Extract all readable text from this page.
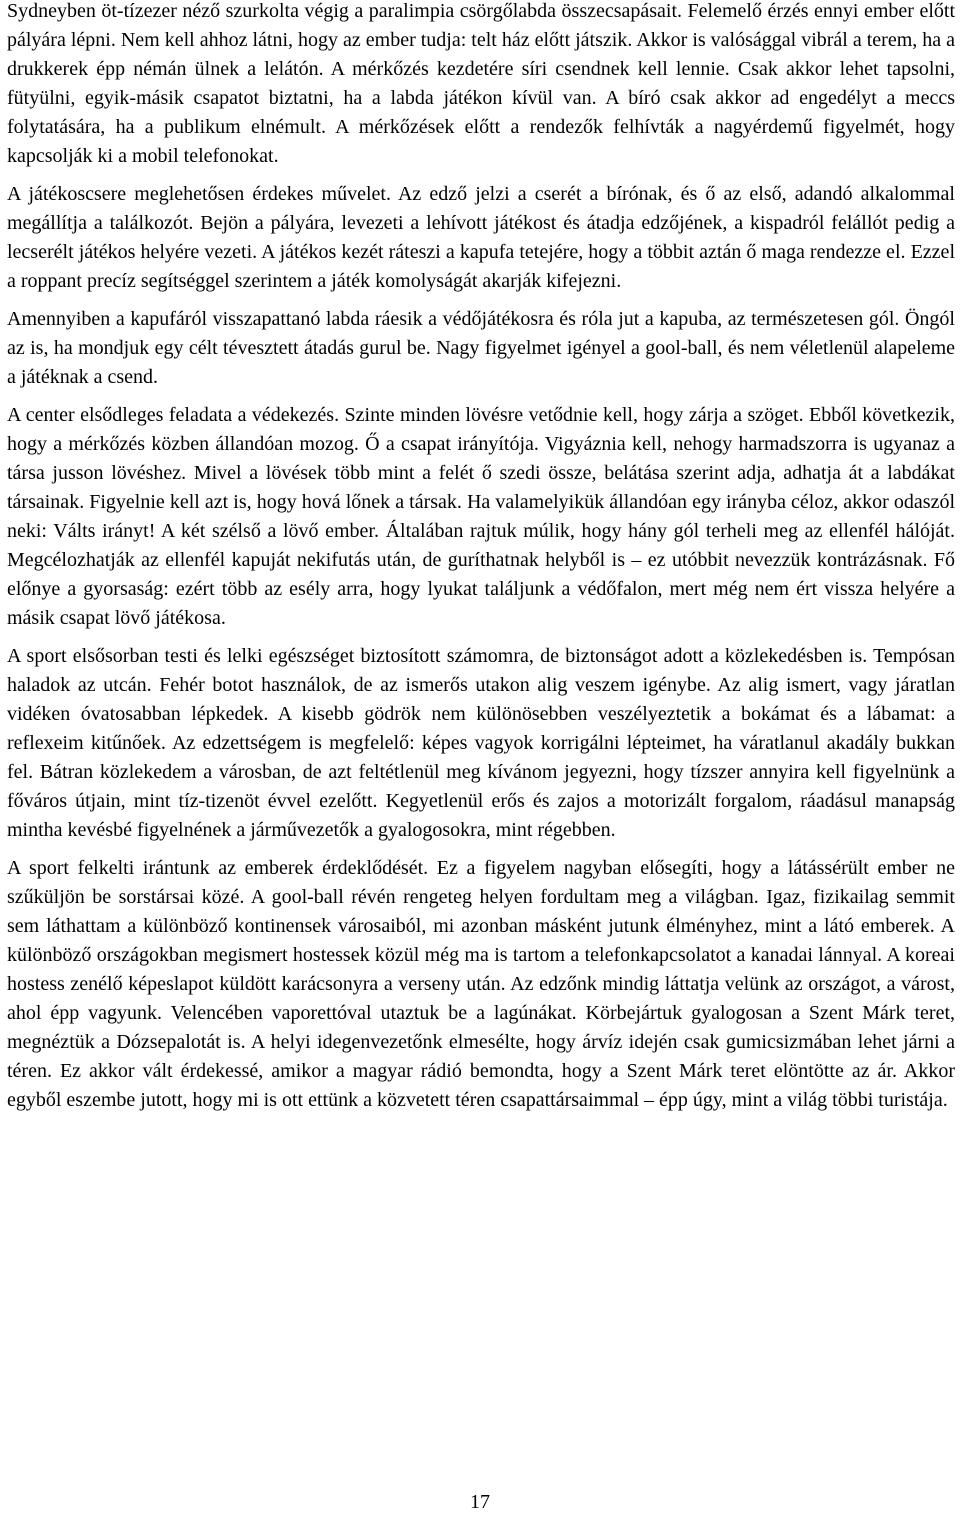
Sydneyben öt-tízezer néző szurkolta végig a paralimpia csörgőlabda összecsapásait. Felemelő érzés ennyi ember előtt pályára lépni. Nem kell ahhoz látni, hogy az ember tudja: telt ház előtt játszik. Akkor is valósággal vibrál a terem, ha a drukkerek épp némán ülnek a lelátón. A mérkőzés kezdetére síri csendnek kell lennie. Csak akkor lehet tapsolni, fütyülni, egyik-másik csapatot biztatni, ha a labda játékon kívül van. A bíró csak akkor ad engedélyt a meccs folytatására, ha a publikum elnémult. A mérkőzések előtt a rendezők felhívták a nagyérdemű figyelmét, hogy kapcsolják ki a mobil telefonokat.

A játékoscsere meglehetősen érdekes művelet. Az edző jelzi a cserét a bírónak, és ő az első, adandó alkalommal megállítja a találkozót. Bejön a pályára, levezeti a lehívott játékost és átadja edzőjének, a kispadról felállót pedig a lecserélt játékos helyére vezeti. A játékos kezét ráteszi a kapufa tetejére, hogy a többit aztán ő maga rendezze el. Ezzel a roppant precíz segítséggel szerintem a játék komolyságát akarják kifejezni.

Amennyiben a kapufáról visszapattanó labda ráesik a védőjátékosra és róla jut a kapuba, az természetesen gól. Öngól az is, ha mondjuk egy célt tévesztett átadás gurul be. Nagy figyelmet igényel a gool-ball, és nem véletlenül alapeleme a játéknak a csend.

A center elsődleges feladata a védekezés. Szinte minden lövésre vetődnie kell, hogy zárja a szöget. Ebből következik, hogy a mérkőzés közben állandóan mozog. Ő a csapat irányítója. Vigyáznia kell, nehogy harmadszorra is ugyanaz a társa jusson lövéshez. Mivel a lövések több mint a felét ő szedi össze, belátása szerint adja, adhatja át a labdákat társainak. Figyelnie kell azt is, hogy hová lőnek a társak. Ha valamelyikük állandóan egy irányba céloz, akkor odaszól neki: Válts irányt! A két szélső a lövő ember. Általában rajtuk múlik, hogy hány gól terheli meg az ellenfél hálóját. Megcélozhatják az ellenfél kapuját nekifutás után, de guríthatnak helyből is – ez utóbbit nevezzük kontrázásnak. Fő előnye a gyorsaság: ezért több az esély arra, hogy lyukat találjunk a védőfalon, mert még nem ért vissza helyére a másik csapat lövő játékosa.

A sport elsősorban testi és lelki egészséget biztosított számomra, de biztonságot adott a közlekedésben is. Tempósan haladok az utcán. Fehér botot használok, de az ismerős utakon alig veszem igénybe. Az alig ismert, vagy járatlan vidéken óvatosabban lépkedek. A kisebb gödrök nem különösebben veszélyeztetik a bokámat és a lábamat: a reflexeim kitűnőek. Az edzettségem is megfelelő: képes vagyok korrigálni lépteimet, ha váratlanul akadály bukkan fel. Bátran közlekedem a városban, de azt feltétlenül meg kívánom jegyezni, hogy tízszer annyira kell figyelnünk a főváros útjain, mint tíz-tizenöt évvel ezelőtt. Kegyetlenül erős és zajos a motorizált forgalom, ráadásul manapság mintha kevésbé figyelnének a járművezetők a gyalogosokra, mint régebben.

A sport felkelti irántunk az emberek érdeklődését. Ez a figyelem nagyban elősegíti, hogy a látássérült ember ne szűküljön be sorstársai közé. A gool-ball révén rengeteg helyen fordultam meg a világban. Igaz, fizikailag semmit sem láthattam a különböző kontinensek városaiból, mi azonban másként jutunk élményhez, mint a látó emberek. A különböző országokban megismert hostessek közül még ma is tartom a telefonkapcsolatot a kanadai lánnyal. A koreai hostess zenélő képeslapot küldött karácsonyra a verseny után. Az edzőnk mindig láttatja velünk az országot, a várost, ahol épp vagyunk. Velencében vaporettóval utaztuk be a lagúnákat. Körbejártuk gyalogosan a Szent Márk teret, megnéztük a Dózsepalotát is. A helyi idegenvezetőnk elmesélte, hogy árvíz idején csak gumicsizmában lehet járni a téren. Ez akkor vált érdekessé, amikor a magyar rádió bemondta, hogy a Szent Márk teret elöntötte az ár. Akkor egyből eszembe jutott, hogy mi is ott ettünk a közvetett téren csapattársaimmal – épp úgy, mint a világ többi turistája.

17
